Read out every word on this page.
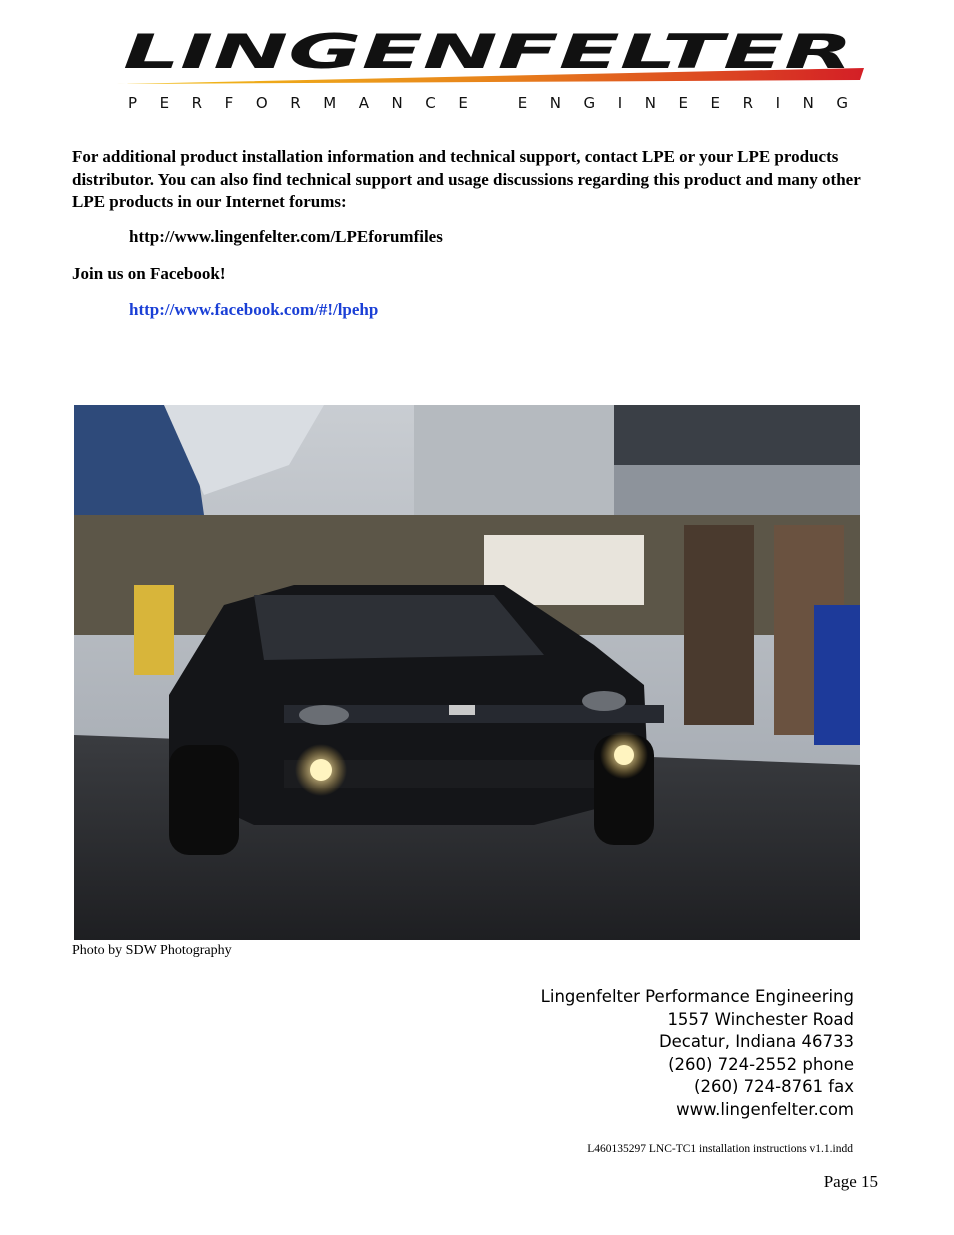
LINGENFELTER
PERFORMANCE ENGINEERING

For additional product installation information and technical support, contact LPE or your LPE products distributor. You can also find technical support and usage discussions regarding this product and many other LPE products in our Internet forums:

http://www.lingenfelter.com/LPEforumfiles
Join us on Facebook!
http://www.facebook.com/#!/lpehp
Photo by SDW Photography
Lingenfelter Performance Engineering
1557 Winchester Road
Decatur, Indiana 46733
(260) 724-2552 phone
(260) 724-8761 fax
www.lingenfelter.com
L460135297 LNC-TC1 installation instructions v1.1.indd
Page 15
